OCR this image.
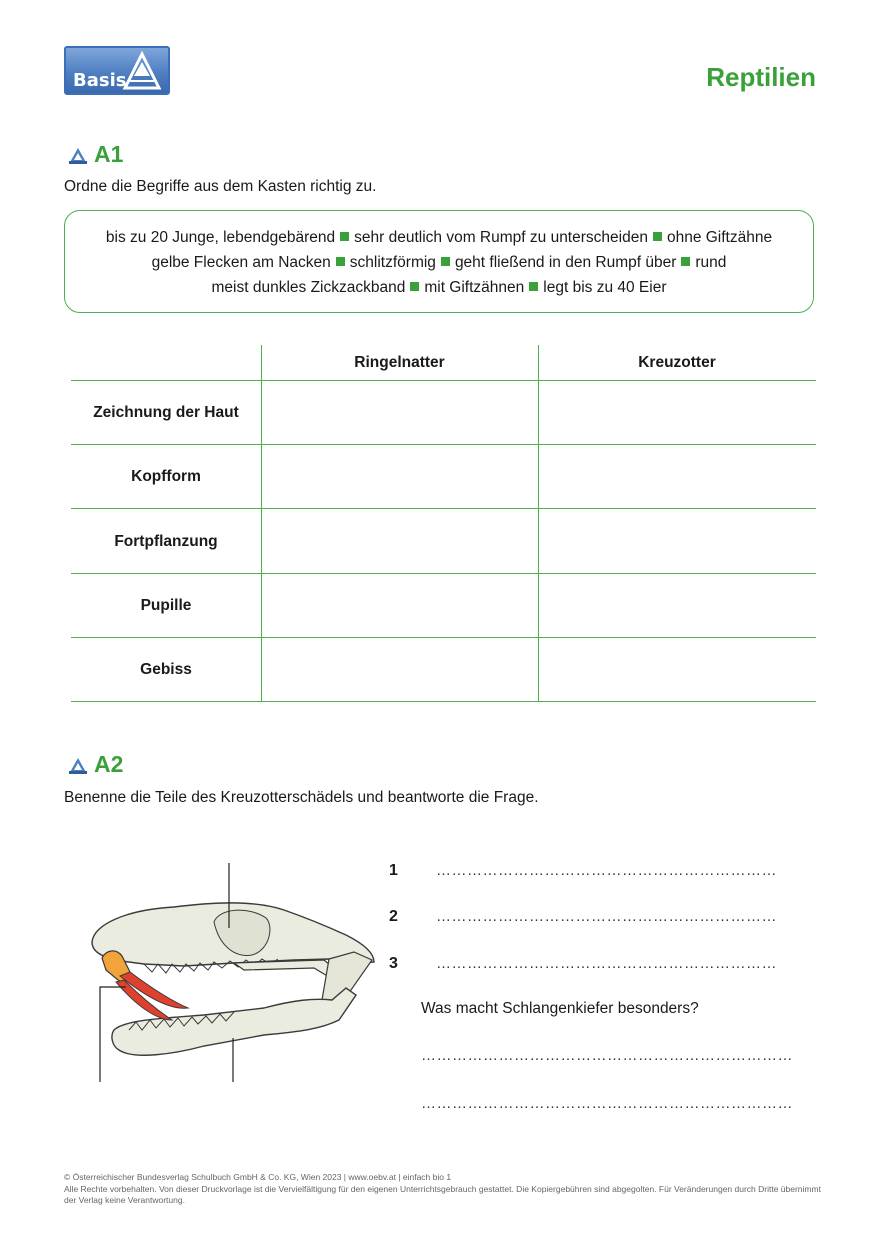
Basis	Reptilien
A1
Ordne die Begriffe aus dem Kasten richtig zu.
bis zu 20 Junge, lebendgebärend sehr deutlich vom Rumpf zu unterscheiden ohne Giftzähne
gelbe Flecken am Nacken schlitzförmig geht fließend in den Rumpf über rund
meist dunkles Zickzackband mit Giftzähnen legt bis zu 40 Eier
Ringelnatter	Kreuzotter
Zeichnung der Haut
Kopfform
Fortpflanzung
Pupille
Gebiss
A2
Benenne die Teile des Kreuzotterschädels und beantworte die Frage.
1	…………………………………………………………
2	…………………………………………………………
3	…………………………………………………………
Was macht Schlangenkiefer besonders?
………………………………………………………………
………………………………………………………………
© Österreichischer Bundesverlag Schulbuch GmbH & Co. KG, Wien 2023 | www.oebv.at | einfach bio 1
Alle Rechte vorbehalten. Von dieser Druckvorlage ist die Vervielfältigung für den eigenen Unterrichtsgebrauch gestattet. Die Kopiergebühren sind abgegolten. Für Veränderungen durch Dritte übernimmt der Verlag keine Verantwortung.
